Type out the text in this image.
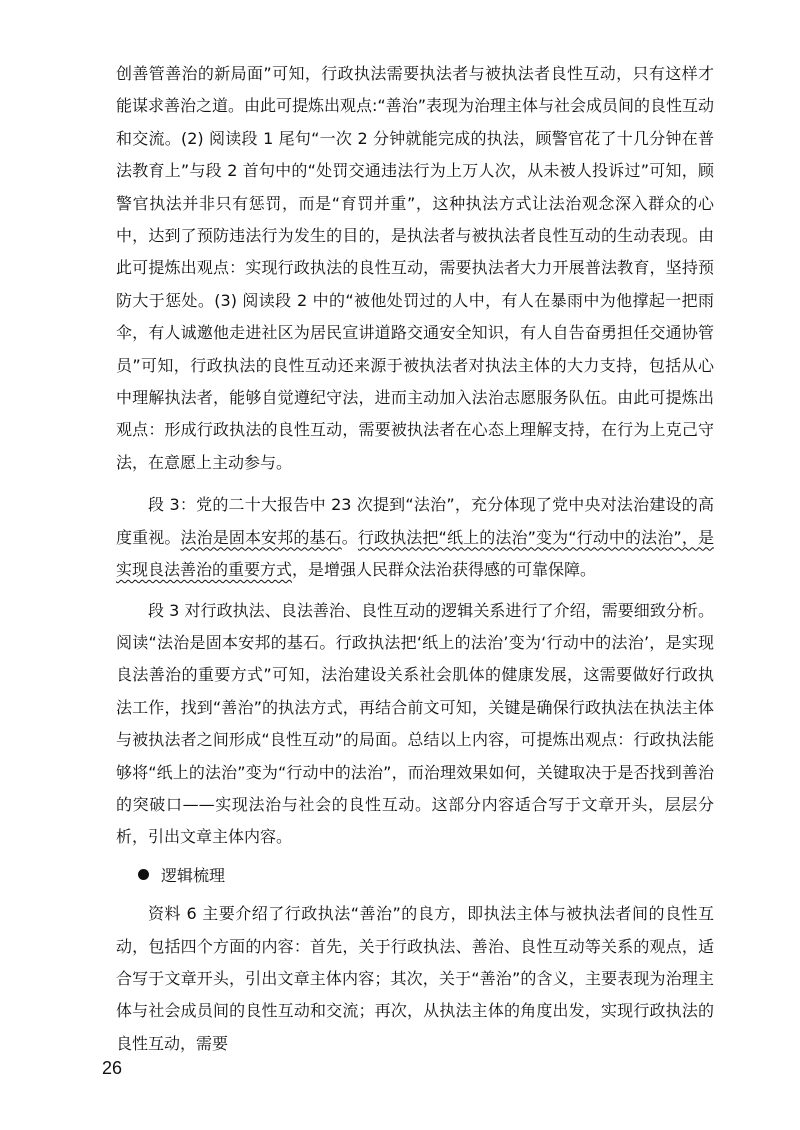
创善管善治的新局面”可知，行政执法需要执法者与被执法者良性互动，只有这样才能谋求善治之道。由此可提炼出观点:“善治”表现为治理主体与社会成员间的良性互动和交流。(2) 阅读段 1 尾句“一次 2 分钟就能完成的执法，顾警官花了十几分钟在普法教育上”与段 2 首句中的“处罚交通违法行为上万人次，从未被人投诉过”可知，顾警官执法并非只有惩罚，而是“育罚并重”，这种执法方式让法治观念深入群众的心中，达到了预防违法行为发生的目的，是执法者与被执法者良性互动的生动表现。由此可提炼出观点：实现行政执法的良性互动，需要执法者大力开展普法教育，坚持预防大于惩处。(3) 阅读段 2 中的“被他处罚过的人中，有人在暴雨中为他撑起一把雨伞，有人诚邀他走进社区为居民宣讲道路交通安全知识，有人自告奋勇担任交通协管员”可知，行政执法的良性互动还来源于被执法者对执法主体的大力支持，包括从心中理解执法者，能够自觉遵纪守法，进而主动加入法治志愿服务队伍。由此可提炼出观点：形成行政执法的良性互动，需要被执法者在心态上理解支持，在行为上克己守法，在意愿上主动参与。

段 3：党的二十大报告中 23 次提到“法治”，充分体现了党中央对法治建设的高度重视。法治是固本安邦的基石。行政执法把“纸上的法治”变为“行动中的法治”，是实现良法善治的重要方式，是增强人民群众法治获得感的可靠保障。

段 3 对行政执法、良法善治、良性互动的逻辑关系进行了介绍，需要细致分析。阅读“法治是固本安邦的基石。行政执法把‘纸上的法治’变为‘行动中的法治’，是实现良法善治的重要方式”可知，法治建设关系社会肌体的健康发展，这需要做好行政执法工作，找到“善治”的执法方式，再结合前文可知，关键是确保行政执法在执法主体与被执法者之间形成“良性互动”的局面。总结以上内容，可提炼出观点：行政执法能够将“纸上的法治”变为“行动中的法治”，而治理效果如何，关键取决于是否找到善治的突破口——实现法治与社会的良性互动。这部分内容适合写于文章开头，层层分析，引出文章主体内容。

逻辑梳理

资料 6 主要介绍了行政执法“善治”的良方，即执法主体与被执法者间的良性互动，包括四个方面的内容：首先，关于行政执法、善治、良性互动等关系的观点，适合写于文章开头，引出文章主体内容；其次，关于“善治”的含义，主要表现为治理主体与社会成员间的良性互动和交流；再次，从执法主体的角度出发，实现行政执法的良性互动，需要

26
